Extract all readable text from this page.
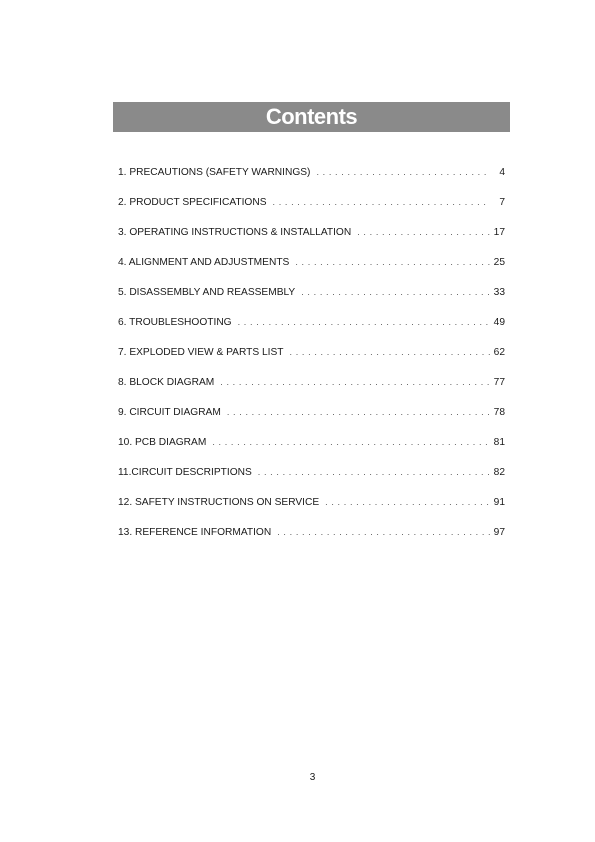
Contents
1. PRECAUTIONS (SAFETY WARNINGS) . . .	4
2. PRODUCT SPECIFICATIONS . . .	7
3. OPERATING INSTRUCTIONS & INSTALLATION . . .	17
4. ALIGNMENT AND ADJUSTMENTS . . .	25
5. DISASSEMBLY AND REASSEMBLY . . .	33
6. TROUBLESHOOTING . . .	49
7. EXPLODED VIEW & PARTS LIST . . .	62
8. BLOCK DIAGRAM . . .	77
9. CIRCUIT DIAGRAM . . .	78
10. PCB DIAGRAM . . .	81
11.CIRCUIT DESCRIPTIONS . . .	82
12. SAFETY INSTRUCTIONS ON SERVICE . . .	91
13. REFERENCE INFORMATION . . .	97
3
